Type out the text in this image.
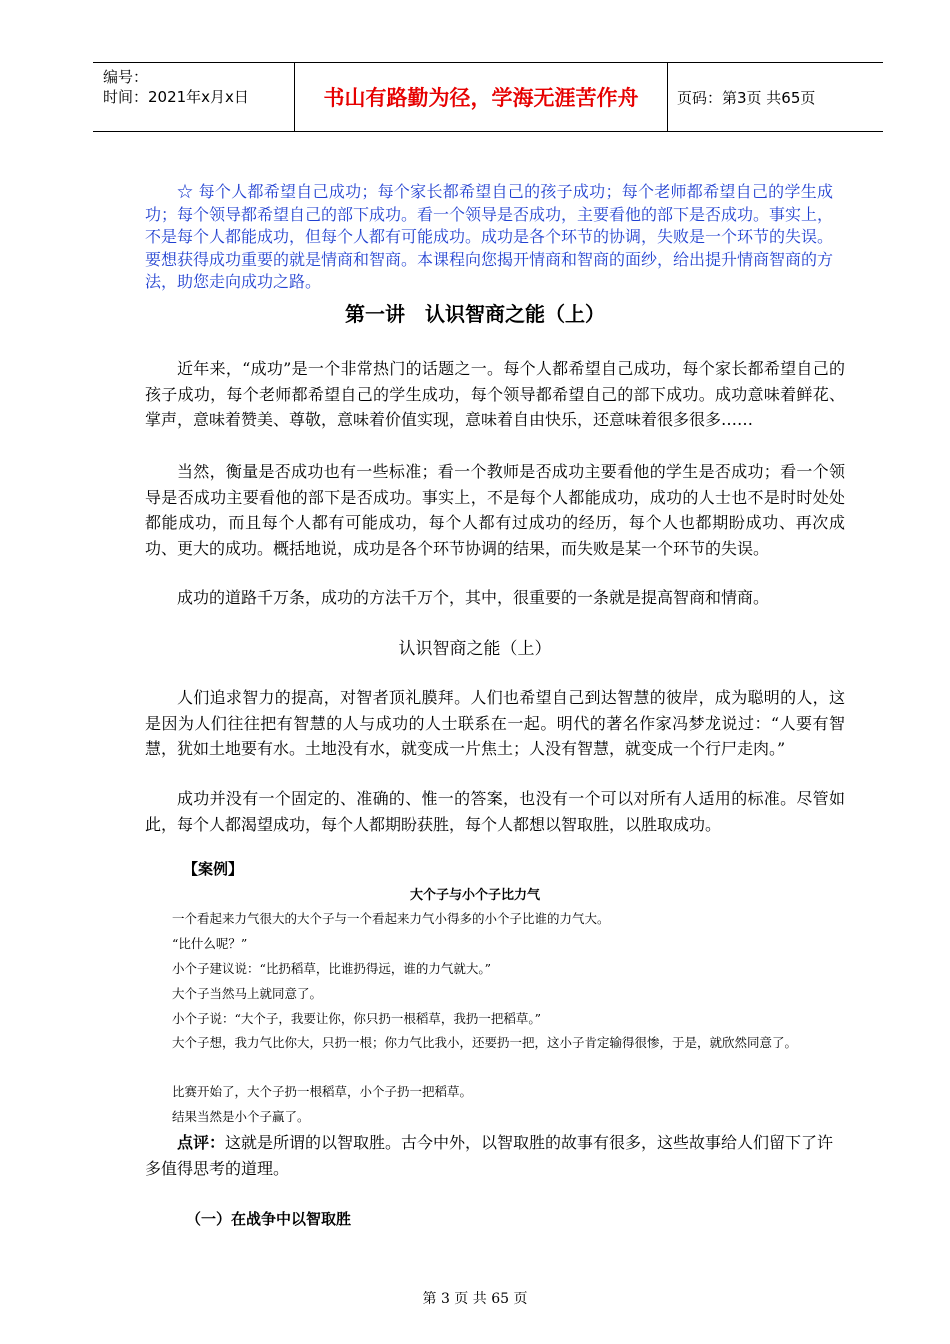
编号：
时间：2021年x月x日	书山有路勤为径，学海无涯苦作舟	页码：第3页 共65页

☆ 每个人都希望自己成功；每个家长都希望自己的孩子成功；每个老师都希望自己的学生成功；每个领导都希望自己的部下成功。看一个领导是否成功，主要看他的部下是否成功。事实上，不是每个人都能成功，但每个人都有可能成功。成功是各个环节的协调，失败是一个环节的失误。要想获得成功重要的就是情商和智商。本课程向您揭开情商和智商的面纱，给出提升情商智商的方法，助您走向成功之路。

第一讲　认识智商之能（上）

近年来，“成功”是一个非常热门的话题之一。每个人都希望自己成功，每个家长都希望自己的孩子成功，每个老师都希望自己的学生成功，每个领导都希望自己的部下成功。成功意味着鲜花、掌声，意味着赞美、尊敬，意味着价值实现，意味着自由快乐，还意味着很多很多……

当然，衡量是否成功也有一些标准；看一个教师是否成功主要看他的学生是否成功；看一个领导是否成功主要看他的部下是否成功。事实上，不是每个人都能成功，成功的人士也不是时时处处都能成功，而且每个人都有可能成功，每个人都有过成功的经历，每个人也都期盼成功、再次成功、更大的成功。概括地说，成功是各个环节协调的结果，而失败是某一个环节的失误。

成功的道路千万条，成功的方法千万个，其中，很重要的一条就是提高智商和情商。

认识智商之能（上）

人们追求智力的提高，对智者顶礼膜拜。人们也希望自己到达智慧的彼岸，成为聪明的人，这是因为人们往往把有智慧的人与成功的人士联系在一起。明代的著名作家冯梦龙说过：“人要有智慧，犹如土地要有水。土地没有水，就变成一片焦土；人没有智慧，就变成一个行尸走肉。”

成功并没有一个固定的、准确的、惟一的答案，也没有一个可以对所有人适用的标准。尽管如此，每个人都渴望成功，每个人都期盼获胜，每个人都想以智取胜，以胜取成功。

【案例】
大个子与小个子比力气

一个看起来力气很大的大个子与一个看起来力气小得多的小个子比谁的力气大。

“比什么呢？”

小个子建议说：“比扔稻草，比谁扔得远，谁的力气就大。”

大个子当然马上就同意了。

小个子说：“大个子，我要让你，你只扔一根稻草，我扔一把稻草。”

大个子想，我力气比你大，只扔一根；你力气比我小，还要扔一把，这小子肯定输得很惨，于是，就欣然同意了。

比赛开始了，大个子扔一根稻草，小个子扔一把稻草。

结果当然是小个子赢了。

点评：这就是所谓的以智取胜。古今中外，以智取胜的故事有很多，这些故事给人们留下了许多值得思考的道理。

（一）在战争中以智取胜
第 3 页 共 65 页
